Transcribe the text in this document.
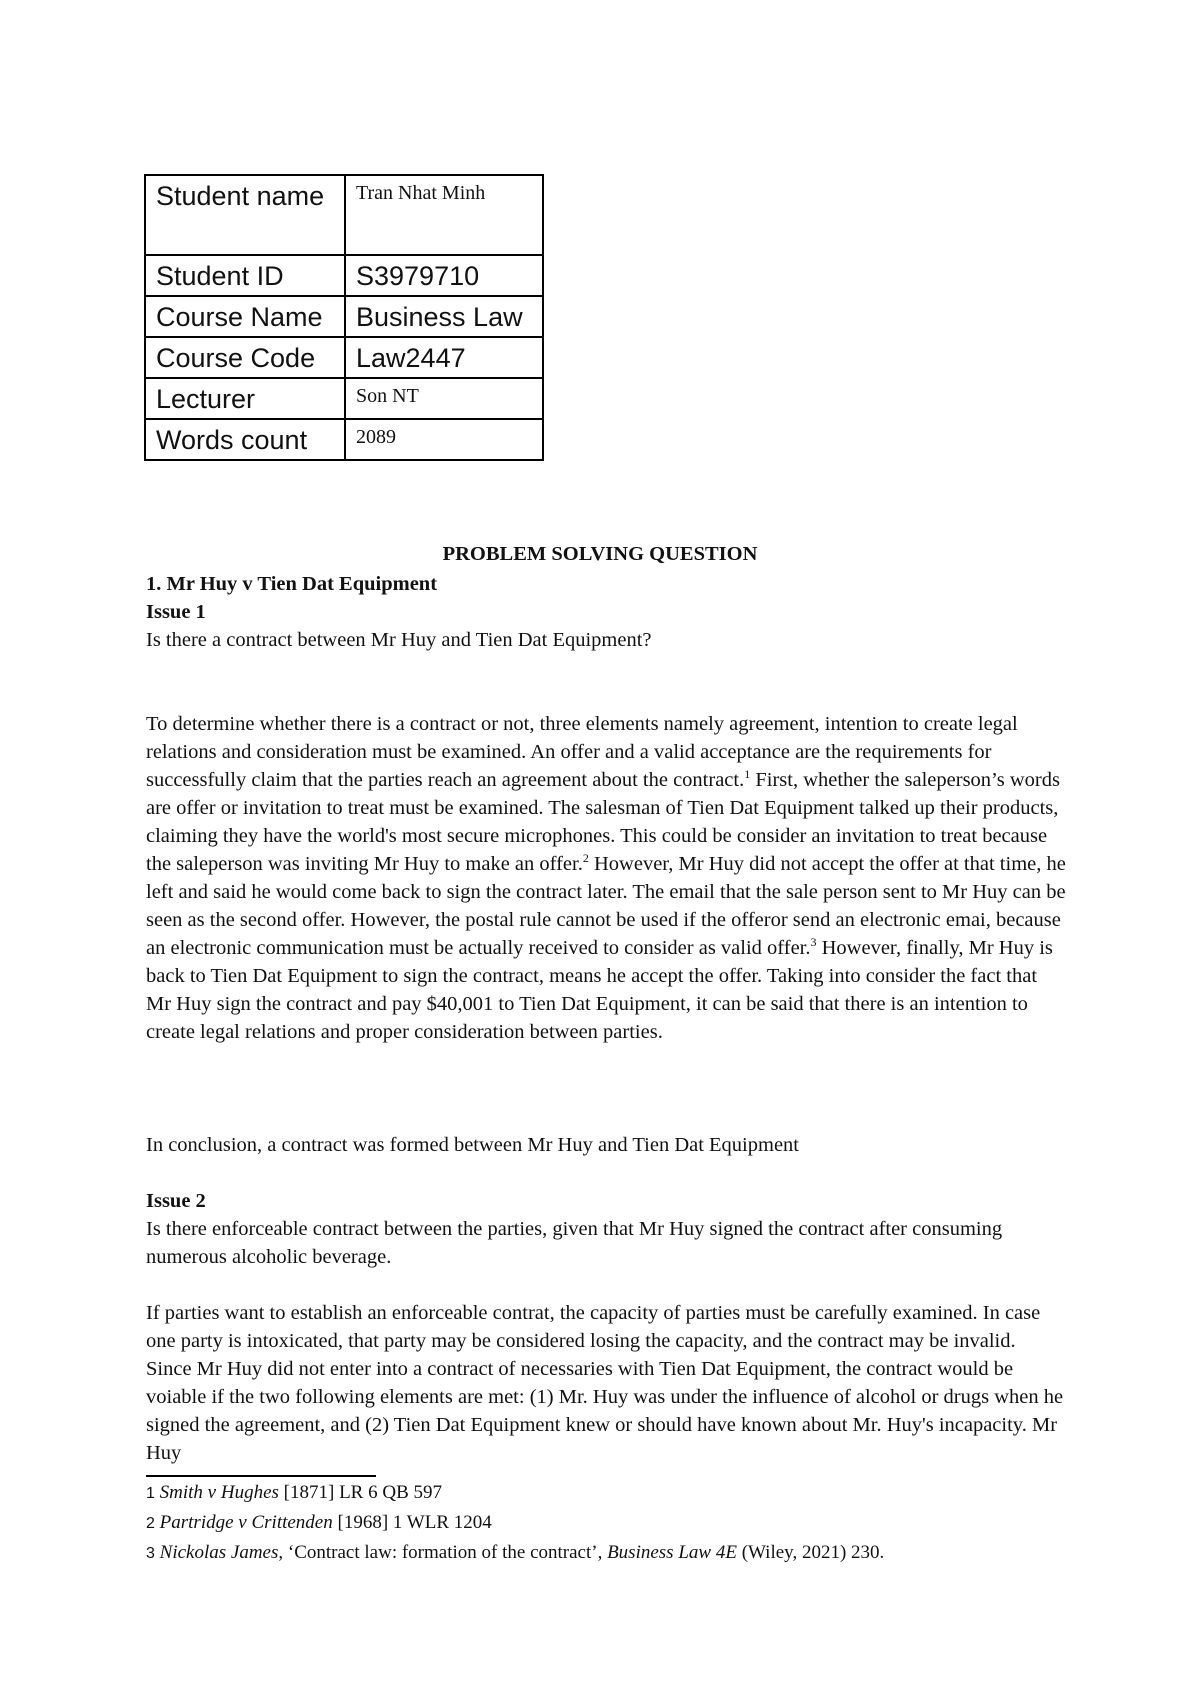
Student name	Tran Nhat Minh
Student ID	S3979710
Course Name	Business Law
Course Code	Law2447
Lecturer	Son NT
Words count	2089
PROBLEM SOLVING QUESTION

1. Mr Huy v Tien Dat Equipment

Issue 1

Is there a contract between Mr Huy and Tien Dat Equipment?

To determine whether there is a contract or not, three elements namely agreement, intention to create legal relations and consideration must be examined. An offer and a valid acceptance are the requirements for successfully claim that the parties reach an agreement about the contract.$^1$ First, whether the saleperson’s words are offer or invitation to treat must be examined. The salesman of Tien Dat Equipment talked up their products, claiming they have the world's most secure microphones. This could be consider an invitation to treat because the saleperson was inviting Mr Huy to make an offer.$^2$ However, Mr Huy did not accept the offer at that time, he left and said he would come back to sign the contract later. The email that the sale person sent to Mr Huy can be seen as the second offer. However, the postal rule cannot be used if the offeror send an electronic emai, because an electronic communication must be actually received to consider as valid offer.$^3$ However, finally, Mr Huy is back to Tien Dat Equipment to sign the contract, means he accept the offer. Taking into consider the fact that Mr Huy sign the contract and pay $40,001 to Tien Dat Equipment, it can be said that there is an intention to create legal relations and proper consideration between parties.

In conclusion, a contract was formed between Mr Huy and Tien Dat Equipment

Issue 2

Is there enforceable contract between the parties, given that Mr Huy signed the contract after consuming numerous alcoholic beverage.

If parties want to establish an enforceable contrat, the capacity of parties must be carefully examined. In case one party is intoxicated, that party may be considered losing the capacity, and the contract may be invalid. Since Mr Huy did not enter into a contract of necessaries with Tien Dat Equipment, the contract would be voiable if the two following elements are met: (1) Mr. Huy was under the influence of alcohol or drugs when he signed the agreement, and (2) Tien Dat Equipment knew or should have known about Mr. Huy's incapacity. Mr Huy
1 Smith v Hughes [1871] LR 6 QB 597
2 Partridge v Crittenden [1968] 1 WLR 1204
3 Nickolas James, ‘Contract law: formation of the contract’, Business Law 4E (Wiley, 2021) 230.
